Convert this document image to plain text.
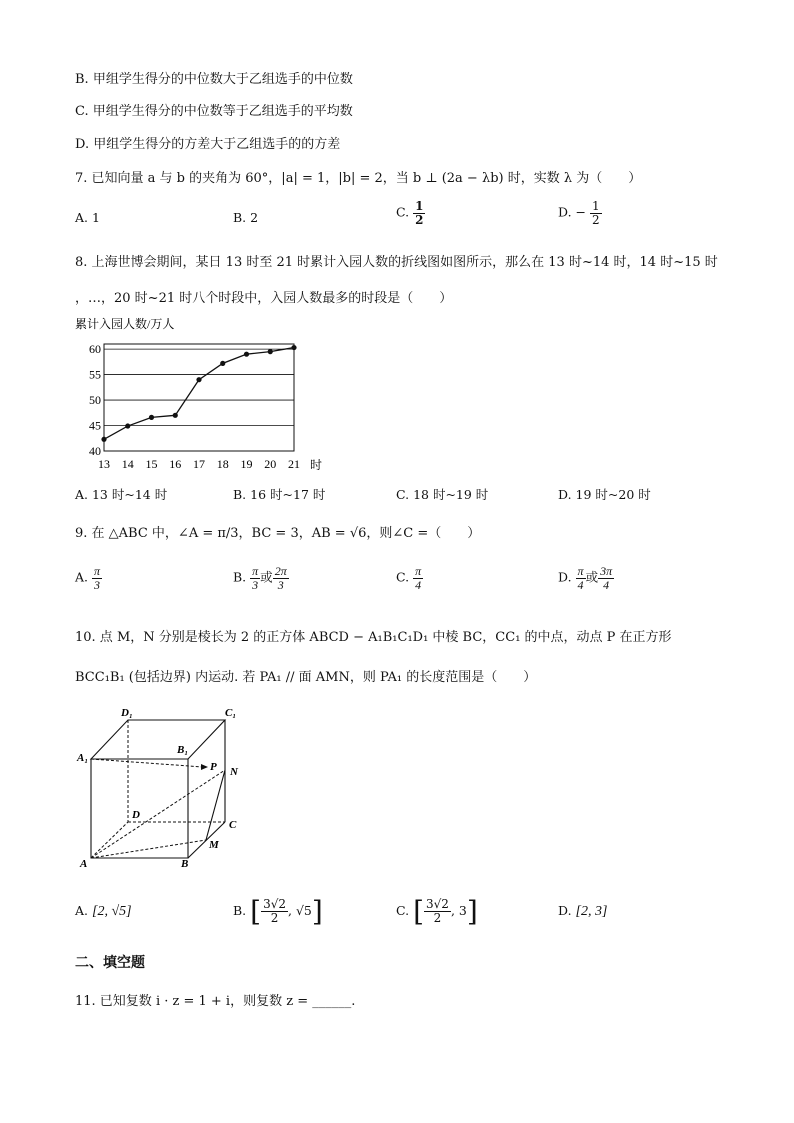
B. 甲组学生得分的中位数大于乙组选手的中位数
C. 甲组学生得分的中位数等于乙组选手的平均数
D. 甲组学生得分的方差大于乙组选手的的方差
7. 已知向量 a 与 b 的夹角为 60°，|a| = 1，|b| = 2，当 b ⊥ (2a − λb) 时，实数 λ 为（　　）
A. 1	B. 2	C. $\frac{1}{2}$	D. − $\frac{1}{2}$
8. 上海世博会期间，某日 13 时至 21 时累计入园人数的折线图如图所示，那么在 13 时~14 时，14 时~15 时
，…，20 时~21 时八个时段中，入园人数最多的时段是（　　）
累计入园人数/万人
40
45
50
55
60
13 14 15 16 17 18 19 20 21 时
A. 13 时~14 时	B. 16 时~17 时	C. 18 时~19 时	D. 19 时~20 时
9. 在 △ABC 中，∠A = π/3，BC = 3，AB = √6，则∠C =（　　）
A. $\frac{\pi}{3}$	B. $\frac{\pi}{3}$ 或 $\frac{2\pi}{3}$	C. $\frac{\pi}{4}$	D. $\frac{\pi}{4}$ 或 $\frac{3\pi}{4}$
10. 点 M，N 分别是棱长为 2 的正方体 ABCD − A₁B₁C₁D₁ 中棱 BC，CC₁ 的中点，动点 P 在正方形
BCC₁B₁ (包括边界) 内运动. 若 PA₁ // 面 AMN，则 PA₁ 的长度范围是（　　）
D₁	C₁
A₁
B₁
P N
D
C
M
A	B
A. [2, √5]	B. [ $\frac{3√2}{2}$ , √5]	C. [ $\frac{3√2}{2}$ , 3]	D. [2, 3]
二、填空题
11. 已知复数 i · z = 1 + i，则复数 z = ______.
